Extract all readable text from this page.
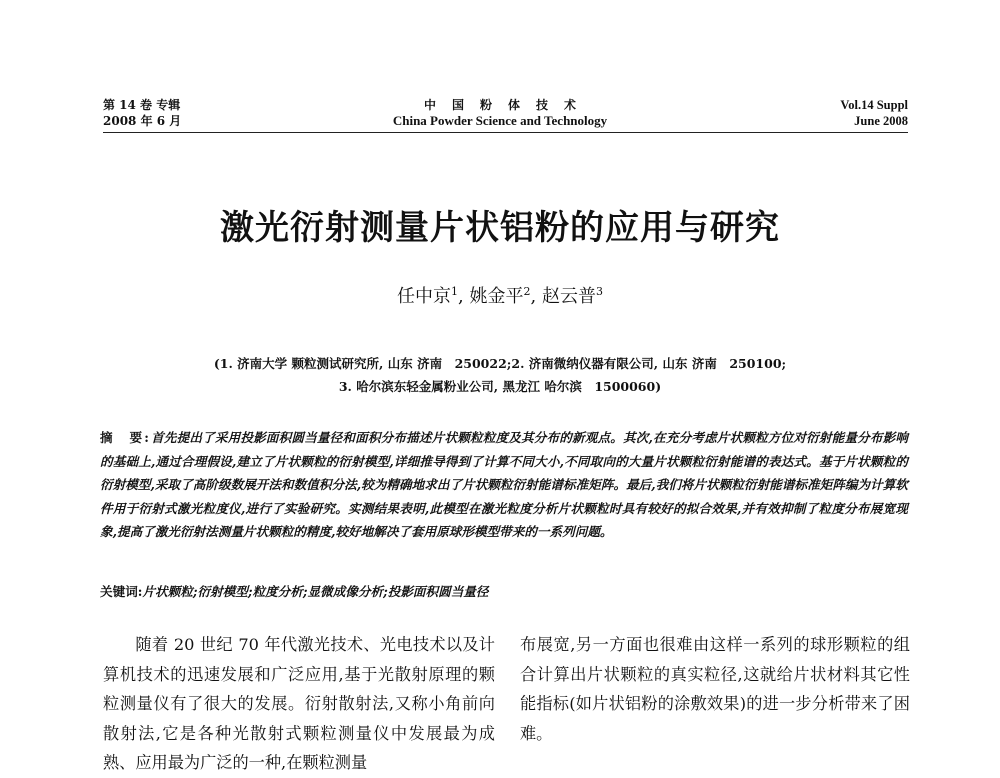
第 14 卷 专辑
2008 年 6 月
中国粉体技术
China Powder Science and Technology
Vol.14 Suppl
June 2008
激光衍射测量片状铝粉的应用与研究
任中京$^1$, 姚金平$^2$, 赵云普$^3$
(1. 济南大学 颗粒测试研究所, 山东 济南　250022;2. 济南微纳仪器有限公司, 山东 济南　250100;
3. 哈尔滨东轻金属粉业公司, 黑龙江 哈尔滨　1500060)
摘　要:首先提出了采用投影面积圆当量径和面积分布描述片状颗粒粒度及其分布的新观点。其次,在充分考虑片状颗粒方位对衍射能量分布影响的基础上,通过合理假设,建立了片状颗粒的衍射模型,详细推导得到了计算不同大小,不同取向的大量片状颗粒衍射能谱的表达式。基于片状颗粒的衍射模型,采取了高阶级数展开法和数值积分法,较为精确地求出了片状颗粒衍射能谱标准矩阵。最后,我们将片状颗粒衍射能谱标准矩阵编为计算软件用于衍射式激光粒度仪,进行了实验研究。实测结果表明,此模型在激光粒度分析片状颗粒时具有较好的拟合效果,并有效抑制了粒度分布展宽现象,提高了激光衍射法测量片状颗粒的精度,较好地解决了套用原球形模型带来的一系列问题。
关键词:片状颗粒;衍射模型;粒度分析;显微成像分析;投影面积圆当量径
随着 20 世纪 70 年代激光技术、光电技术以及计算机技术的迅速发展和广泛应用,基于光散射原理的颗粒测量仪有了很大的发展。衍射散射法,又称小角前向散射法,它是各种光散射式颗粒测量仪中发展最为成熟、应用最为广泛的一种,在颗粒测量
布展宽,另一方面也很难由这样一系列的球形颗粒的组合计算出片状颗粒的真实粒径,这就给片状材料其它性能指标(如片状铝粉的涂敷效果)的进一步分析带来了困难。
